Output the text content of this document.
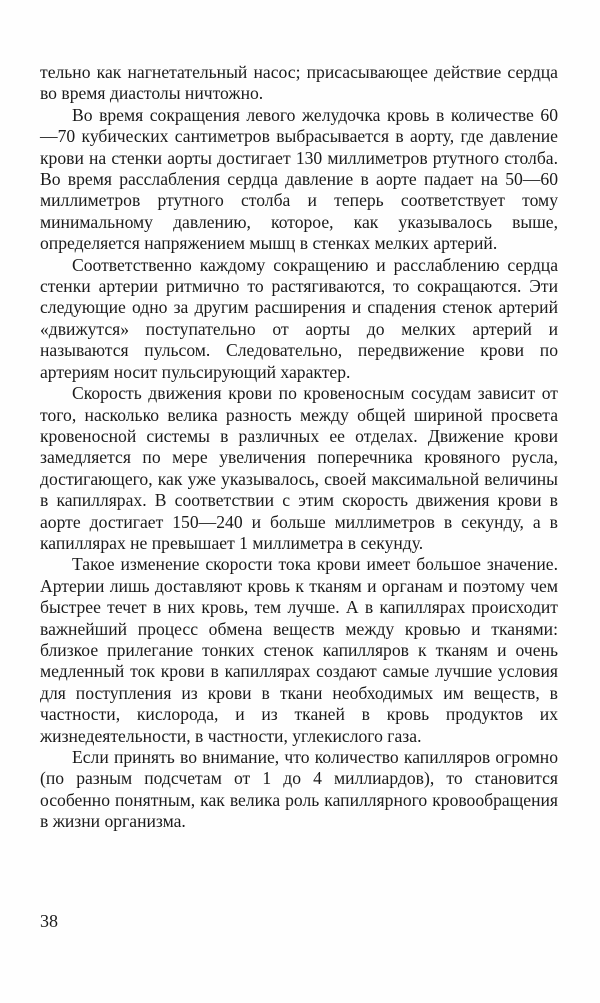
тельно как нагнетательный насос; присасывающее действие сердца во время диастолы ничтожно.

Во время сокращения левого желудочка кровь в количестве 60—70 кубических сантиметров выбрасывается в аорту, где давление крови на стенки аорты достигает 130 миллиметров ртутного столба. Во время расслабления сердца давление в аорте падает на 50—60 миллиметров ртутного столба и теперь соответствует тому минимальному давлению, которое, как указывалось выше, определяется напряжением мышц в стенках мелких артерий.

Соответственно каждому сокращению и расслаблению сердца стенки артерии ритмично то растягиваются, то сокращаются. Эти следующие одно за другим расширения и спадения стенок артерий «движутся» поступательно от аорты до мелких артерий и называются пульсом. Следовательно, передвижение крови по артериям носит пульсирующий характер.

Скорость движения крови по кровеносным сосудам зависит от того, насколько велика разность между общей шириной просвета кровеносной системы в различных ее отделах. Движение крови замедляется по мере увеличения поперечника кровяного русла, достигающего, как уже указывалось, своей максимальной величины в капиллярах. В соответствии с этим скорость движения крови в аорте достигает 150—240 и больше миллиметров в секунду, а в капиллярах не превышает 1 миллиметра в секунду.

Такое изменение скорости тока крови имеет большое значение. Артерии лишь доставляют кровь к тканям и органам и поэтому чем быстрее течет в них кровь, тем лучше. А в капиллярах происходит важнейший процесс обмена веществ между кровью и тканями: близкое прилегание тонких стенок капилляров к тканям и очень медленный ток крови в капиллярах создают самые лучшие условия для поступления из крови в ткани необходимых им веществ, в частности, кислорода, и из тканей в кровь продуктов их жизнедеятельности, в частности, углекислого газа.

Если принять во внимание, что количество капилляров огромно (по разным подсчетам от 1 до 4 миллиардов), то становится особенно понятным, как велика роль капиллярного кровообращения в жизни организма.

38
